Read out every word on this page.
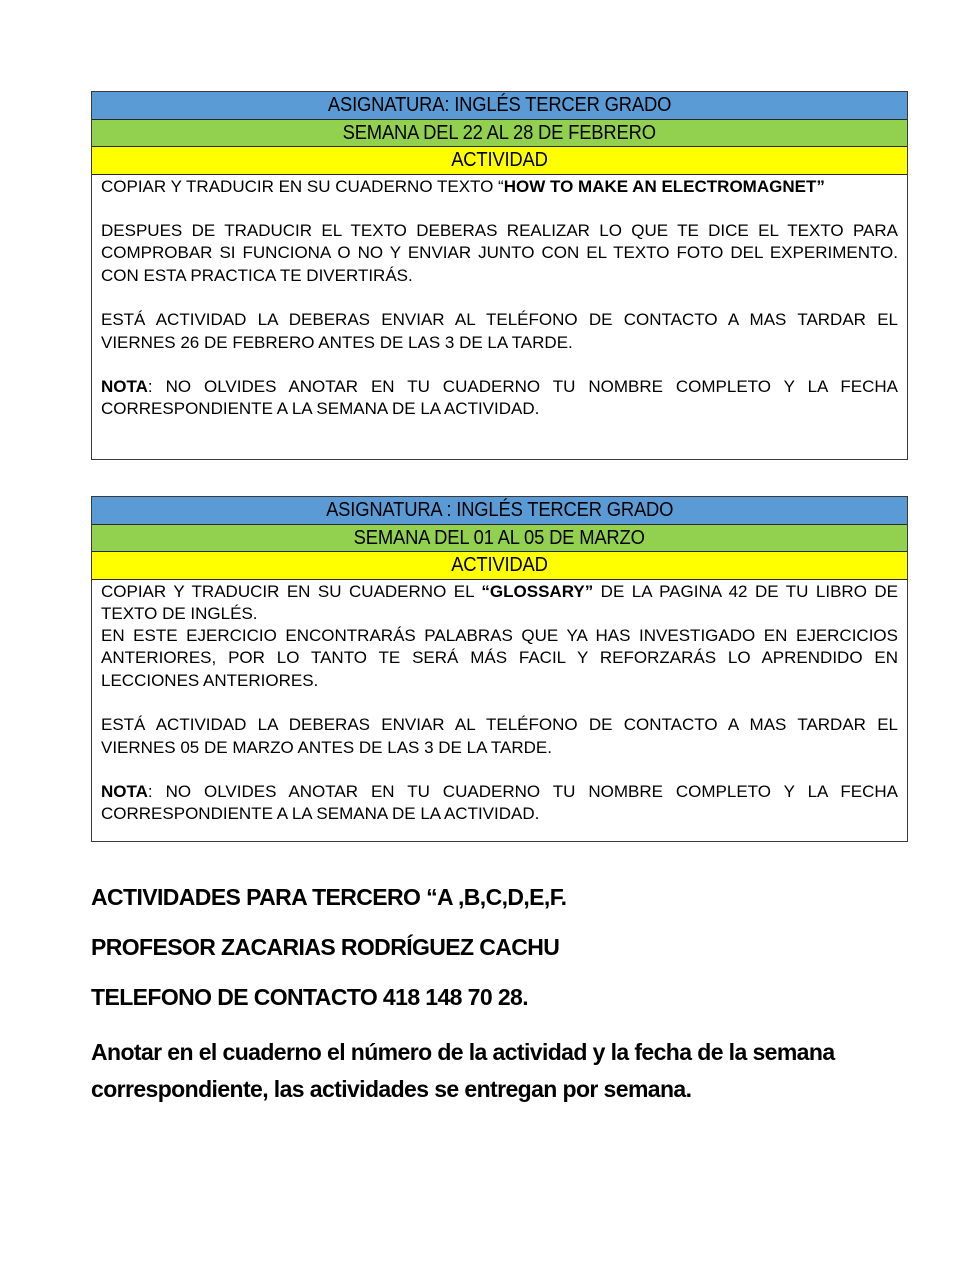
ASIGNATURA: INGLÉS TERCER GRADO
SEMANA DEL 22 AL 28 DE FEBRERO
ACTIVIDAD

COPIAR Y TRADUCIR EN SU CUADERNO TEXTO “HOW TO MAKE AN ELECTROMAGNET”

DESPUES DE TRADUCIR EL TEXTO DEBERAS REALIZAR LO QUE TE DICE EL TEXTO PARA COMPROBAR SI FUNCIONA O NO Y ENVIAR JUNTO CON EL TEXTO FOTO DEL EXPERIMENTO. CON ESTA PRACTICA TE DIVERTIRÁS.

ESTÁ ACTIVIDAD LA DEBERAS ENVIAR AL TELÉFONO DE CONTACTO A MAS TARDAR EL VIERNES 26 DE FEBRERO ANTES DE LAS 3 DE LA TARDE.

NOTA: NO OLVIDES ANOTAR EN TU CUADERNO TU NOMBRE COMPLETO Y LA FECHA CORRESPONDIENTE A LA SEMANA DE LA ACTIVIDAD.

ASIGNATURA : INGLÉS TERCER GRADO
SEMANA DEL 01 AL 05 DE MARZO
ACTIVIDAD

COPIAR Y TRADUCIR EN SU CUADERNO EL “GLOSSARY” DE LA PAGINA 42 DE TU LIBRO DE TEXTO DE INGLÉS.

EN ESTE EJERCICIO ENCONTRARÁS PALABRAS QUE YA HAS INVESTIGADO EN EJERCICIOS ANTERIORES, POR LO TANTO TE SERÁ MÁS FACIL Y REFORZARÁS LO APRENDIDO EN LECCIONES ANTERIORES.

ESTÁ ACTIVIDAD LA DEBERAS ENVIAR AL TELÉFONO DE CONTACTO A MAS TARDAR EL VIERNES 05 DE MARZO ANTES DE LAS 3 DE LA TARDE.

NOTA: NO OLVIDES ANOTAR EN TU CUADERNO TU NOMBRE COMPLETO Y LA FECHA CORRESPONDIENTE A LA SEMANA DE LA ACTIVIDAD.

ACTIVIDADES PARA TERCERO “A ,B,C,D,E,F.
PROFESOR ZACARIAS RODRÍGUEZ CACHU
TELEFONO DE CONTACTO 418 148 70 28.
Anotar en el cuaderno el número de la actividad y la fecha de la semana correspondiente, las actividades se entregan por semana.
